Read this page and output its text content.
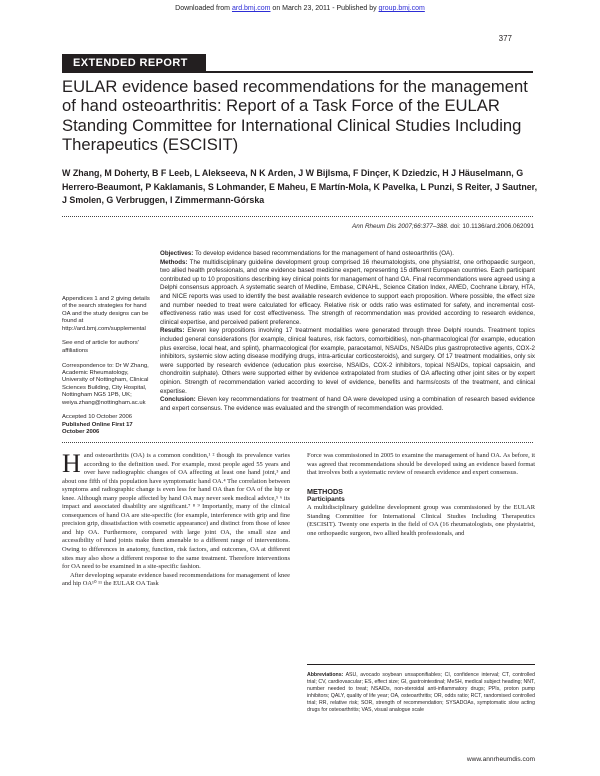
Downloaded from ard.bmj.com on March 23, 2011 - Published by group.bmj.com
377
EXTENDED REPORT
EULAR evidence based recommendations for the management of hand osteoarthritis: Report of a Task Force of the EULAR Standing Committee for International Clinical Studies Including Therapeutics (ESCISIT)
W Zhang, M Doherty, B F Leeb, L Alekseeva, N K Arden, J W Bijlsma, F Dinçer, K Dziedzic, H J Häuselmann, G Herrero-Beaumont, P Kaklamanis, S Lohmander, E Maheu, E Martín-Mola, K Pavelka, L Punzi, S Reiter, J Sautner, J Smolen, G Verbruggen, I Zimmermann-Górska
Ann Rheum Dis 2007;66:377–388. doi: 10.1136/ard.2006.062091

Appendices 1 and 2 giving details of the search strategies for hand OA and the study designs can be found at http://ard.bmj.com/supplemental

See end of article for authors' affiliations

Correspondence to: Dr W Zhang, Academic Rheumatology, University of Nottingham, Clinical Sciences Building, City Hospital, Nottingham NG5 1PB, UK; weiya.zhang@nottingham.ac.uk

Accepted 10 October 2006
Published Online First 17 October 2006

Objectives: To develop evidence based recommendations for the management of hand osteoarthritis (OA).

Methods: The multidisciplinary guideline development group comprised 16 rheumatologists, one physiatrist, one orthopaedic surgeon, two allied health professionals, and one evidence based medicine expert, representing 15 different European countries. Each participant contributed up to 10 propositions describing key clinical points for management of hand OA. Final recommendations were agreed using a Delphi consensus approach. A systematic search of Medline, Embase, CINAHL, Science Citation Index, AMED, Cochrane Library, HTA, and NICE reports was used to identify the best available research evidence to support each proposition. Where possible, the effect size and number needed to treat were calculated for efficacy. Relative risk or odds ratio was estimated for safety, and incremental cost-effectiveness ratio was used for cost effectiveness. The strength of recommendation was provided according to research evidence, clinical expertise, and perceived patient preference.

Results: Eleven key propositions involving 17 treatment modalities were generated through three Delphi rounds. Treatment topics included general considerations (for example, clinical features, risk factors, comorbidities), non-pharmacological (for example, education plus exercise, local heat, and splint), pharmacological (for example, paracetamol, NSAIDs, NSAIDs plus gastroprotective agents, COX-2 inhibitors, systemic slow acting disease modifying drugs, intra-articular corticosteroids), and surgery. Of 17 treatment modalities, only six were supported by research evidence (education plus exercise, NSAIDs, COX-2 inhibitors, topical NSAIDs, topical capsaicin, and chondroitin sulphate). Others were supported either by evidence extrapolated from studies of OA affecting other joint sites or by expert opinion. Strength of recommendation varied according to level of evidence, benefits and harms/costs of the treatment, and clinical expertise.

Conclusion: Eleven key recommendations for treatment of hand OA were developed using a combination of research based evidence and expert consensus. The evidence was evaluated and the strength of recommendation was provided.

Hand osteoarthritis (OA) is a common condition,¹ ² though its prevalence varies according to the definition used. For example, most people aged 55 years and over have radiographic changes of OA affecting at least one hand joint,³ and about one fifth of this population have symptomatic hand OA.⁴ The correlation between symptoms and radiographic change is even less for hand OA than for OA of the hip or knee. Although many people affected by hand OA may never seek medical advice,⁵ ⁶ its impact and associated disability are significant.⁷ ⁸ ⁹ Importantly, many of the clinical consequences of hand OA are site-specific (for example, interference with grip and fine precision grip, dissatisfaction with cosmetic appearance) and distinct from those of knee and hip OA. Furthermore, compared with large joint OA, the small size and accessibility of hand joints make them amenable to a different range of interventions. Owing to differences in anatomy, function, risk factors, and outcomes, OA at different sites may also show a different response to the same treatment. Therefore interventions for OA need to be examined in a site-specific fashion.

After developing separate evidence based recommendations for management of knee and hip OA¹⁰ ¹¹ the EULAR OA Task

Force was commissioned in 2005 to examine the management of hand OA. As before, it was agreed that recommendations should be developed using an evidence based format that involves both a systematic review of research evidence and expert consensus.

METHODS
Participants

A multidisciplinary guideline development group was commissioned by the EULAR Standing Committee for International Clinical Studies Including Therapeutics (ESCISIT). Twenty one experts in the field of OA (16 rheumatologists, one physiatrist, one orthopaedic surgeon, two allied health professionals, and

Abbreviations: ASU, avocado soybean unsaponifiables; CI, confidence interval; CT, controlled trial; CV, cardiovascular; ES, effect size; GI, gastrointestinal; MeSH, medical subject heading; NNT, number needed to treat; NSAIDs, non-steroidal anti-inflammatory drugs; PPIs, proton pump inhibitors; QALY, quality of life year; OA, osteoarthritis; OR, odds ratio; RCT, randomised controlled trial; RR, relative risk; SOR, strength of recommendation; SYSADOAs, symptomatic slow acting drugs for osteoarthritis; VAS, visual analogue scale
www.annrheumdis.com
